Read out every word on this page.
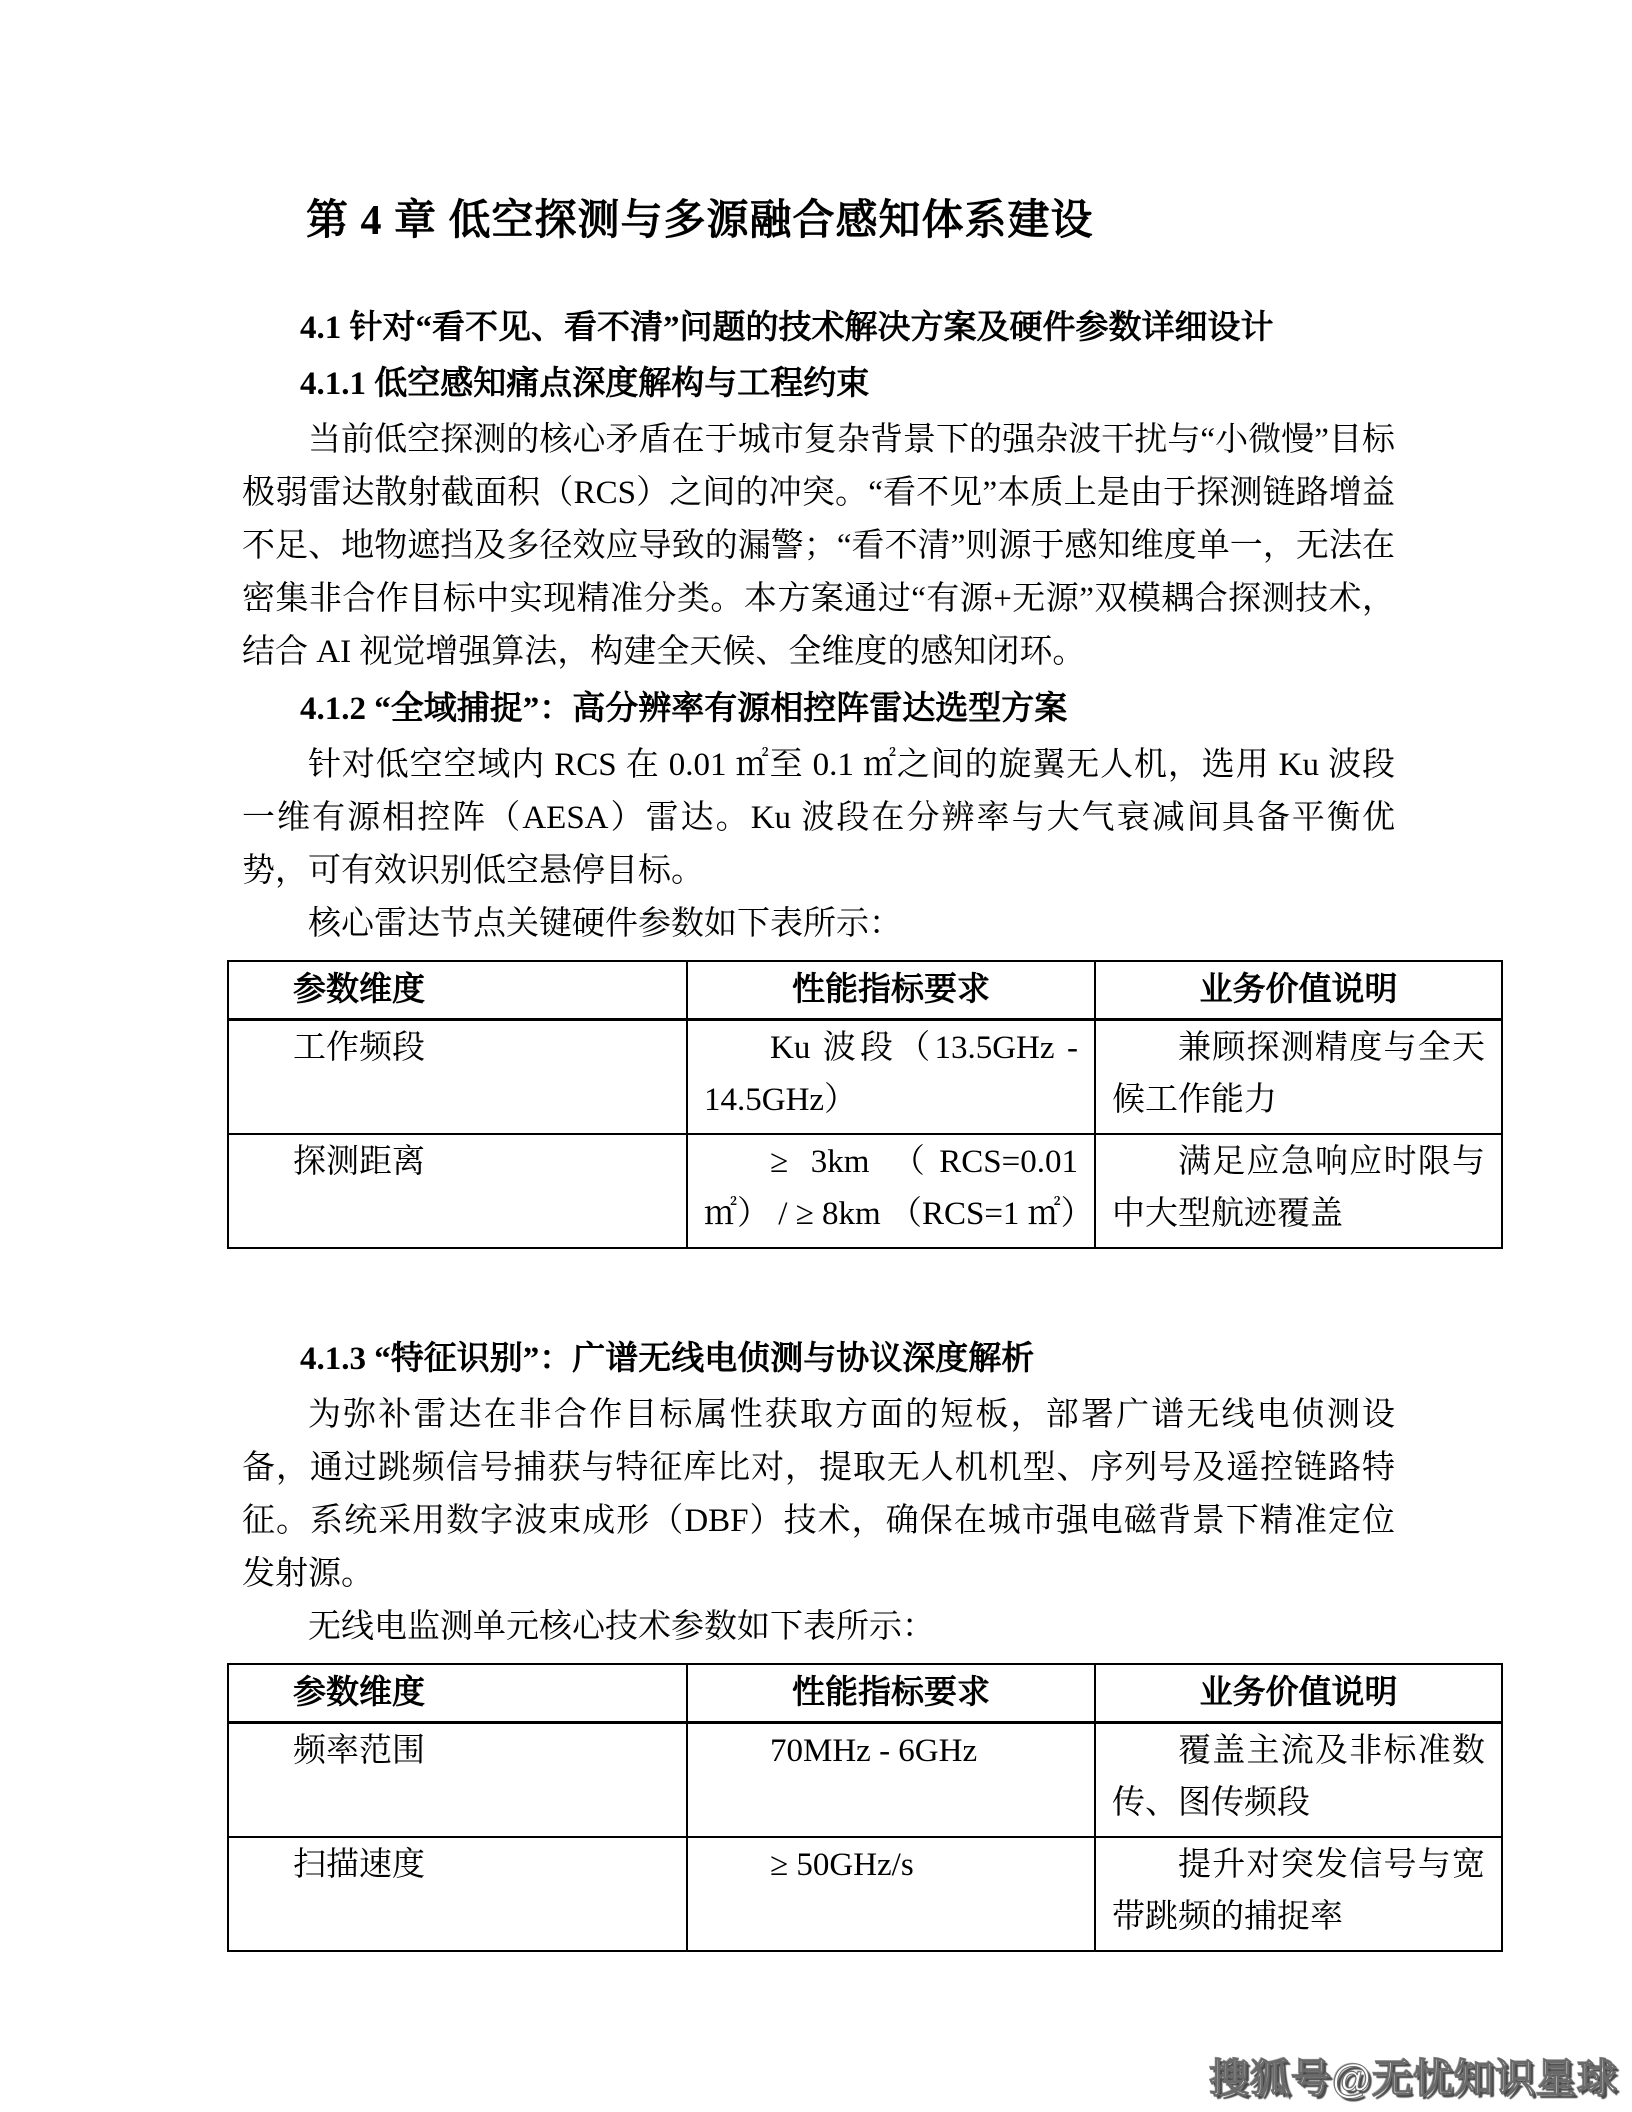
第 4 章 低空探测与多源融合感知体系建设
4.1 针对“看不见、看不清”问题的技术解决方案及硬件参数详细设计
4.1.1 低空感知痛点深度解构与工程约束

当前低空探测的核心矛盾在于城市复杂背景下的强杂波干扰与“小微慢”目标极弱雷达散射截面积（RCS）之间的冲突。“看不见”本质上是由于探测链路增益不足、地物遮挡及多径效应导致的漏警；“看不清”则源于感知维度单一，无法在密集非合作目标中实现精准分类。本方案通过“有源+无源”双模耦合探测技术，结合 AI 视觉增强算法，构建全天候、全维度的感知闭环。

4.1.2 “全域捕捉”：高分辨率有源相控阵雷达选型方案

针对低空空域内 RCS 在 0.01 ㎡至 0.1 ㎡之间的旋翼无人机，选用 Ku 波段一维有源相控阵（AESA）雷达。Ku 波段在分辨率与大气衰减间具备平衡优势，可有效识别低空悬停目标。

核心雷达节点关键硬件参数如下表所示：

参数维度	性能指标要求	业务价值说明
工作频段	Ku 波段（13.5GHz - 14.5GHz）	兼顾探测精度与全天候工作能力
探测距离	≥ 3km （RCS=0.01 ㎡） / ≥ 8km （RCS=1 ㎡）	满足应急响应时限与中大型航迹覆盖
4.1.3 “特征识别”：广谱无线电侦测与协议深度解析

为弥补雷达在非合作目标属性获取方面的短板，部署广谱无线电侦测设备，通过跳频信号捕获与特征库比对，提取无人机机型、序列号及遥控链路特征。系统采用数字波束成形（DBF）技术，确保在城市强电磁背景下精准定位发射源。

无线电监测单元核心技术参数如下表所示：

参数维度	性能指标要求	业务价值说明
频率范围	70MHz - 6GHz	覆盖主流及非标准数传、图传频段
扫描速度	≥ 50GHz/s	提升对突发信号与宽带跳频的捕捉率
搜狐号@无忧知识星球
